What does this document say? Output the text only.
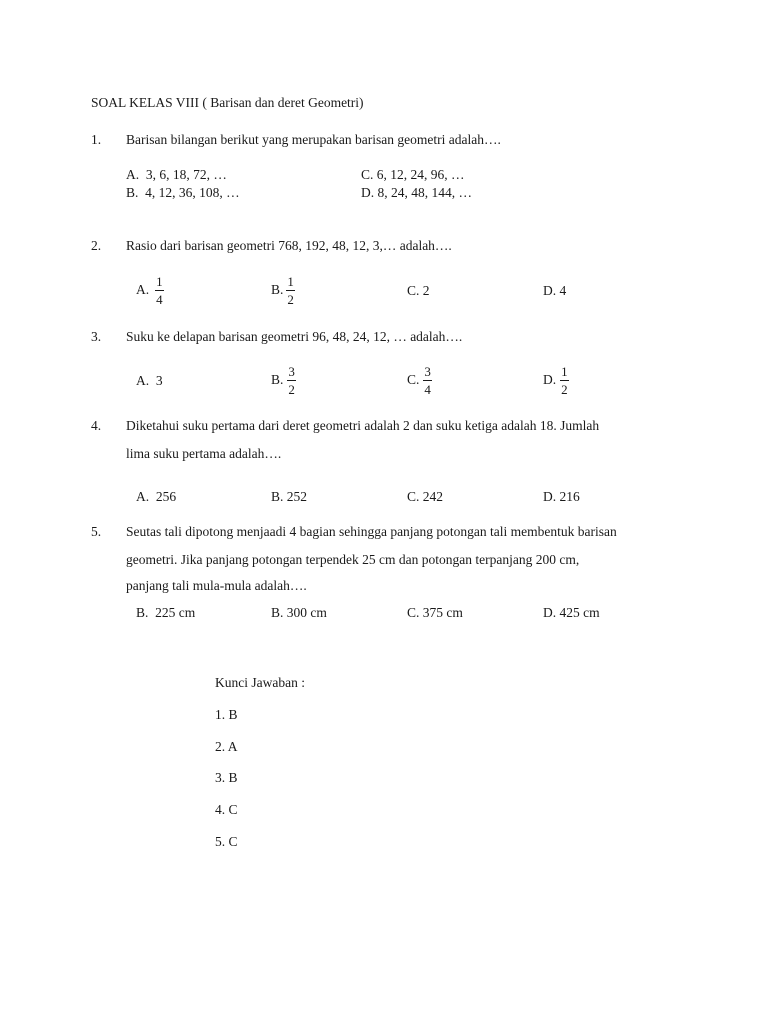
SOAL KELAS VIII ( Barisan dan deret Geometri)
1. Barisan bilangan berikut yang merupakan barisan geometri adalah….
A. 3, 6, 18, 72, …	C. 6, 12, 24, 96, …
B. 4, 12, 36, 108, …	D. 8, 24, 48, 144, …
2. Rasio dari barisan geometri 768, 192, 48, 12, 3,… adalah….
A. $\frac{1}{4}$	B. $\frac{1}{2}$	C. 2	D. 4
3. Suku ke delapan barisan geometri 96, 48, 24, 12, … adalah….
A. 3	B. $\frac{3}{2}$	C. $\frac{3}{4}$	D. $\frac{1}{2}$
4. Diketahui suku pertama dari deret geometri adalah 2 dan suku ketiga adalah 18. Jumlah
lima suku pertama adalah….
A. 256	B. 252	C. 242	D. 216
5. Seutas tali dipotong menjaadi 4 bagian sehingga panjang potongan tali membentuk barisan
geometri. Jika panjang potongan terpendek 25 cm dan potongan terpanjang 200 cm,
panjang tali mula-mula adalah….
B. 225 cm	B. 300 cm	C. 375 cm	D. 425 cm
Kunci Jawaban :
1. B
2. A
3. B
4. C
5. C
